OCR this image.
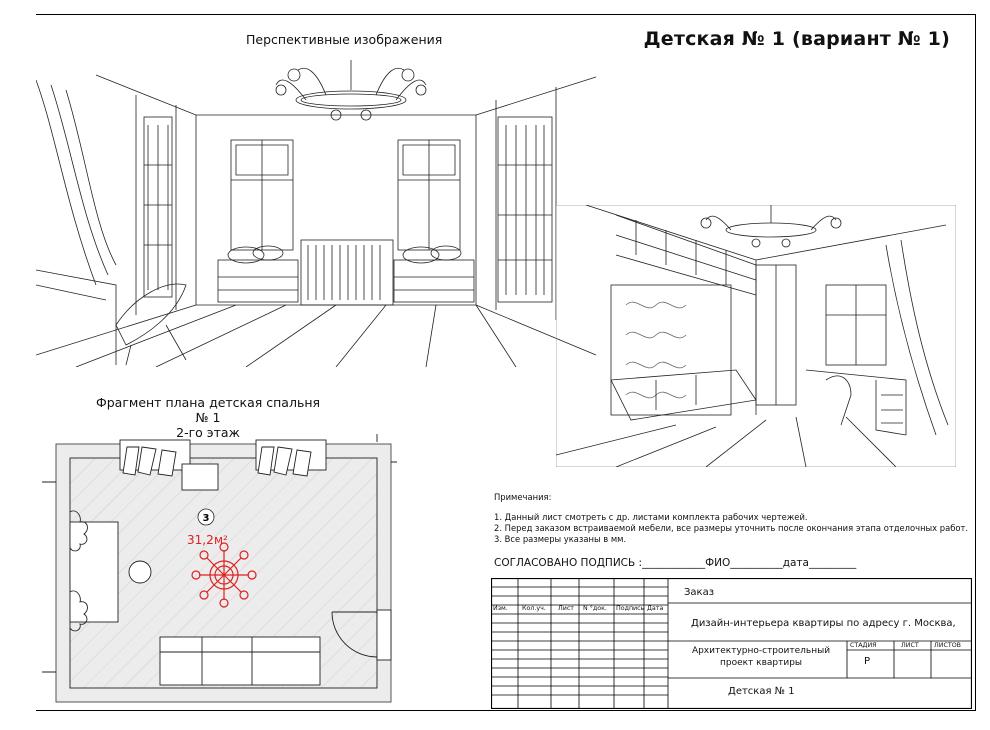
Детская № 1 (вариант № 1)
Перспективные изображения
Фрагмент плана детская спальня № 1
2-го этаж
3
31,2 м²
Примечания:
1. Данный лист смотреть с др. листами комплекта рабочих чертежей.
2. Перед заказом встраиваемой мебели, все размеры уточнить после окончания этапа отделочных работ.
3. Все размеры указаны в мм.
СОГЛАСОВАНО ПОДПИСЬ :____________ФИО__________дата_________
Заказ
Дизайн-интерьера квартиры по адресу г. Москва,
Изм. Кол.уч. Лист N °док. Подпись Дата
Архитектурно-строительный
проект квартиры
СТАДИЯ	ЛИСТ ЛИСТОВ
Р
Детская № 1
